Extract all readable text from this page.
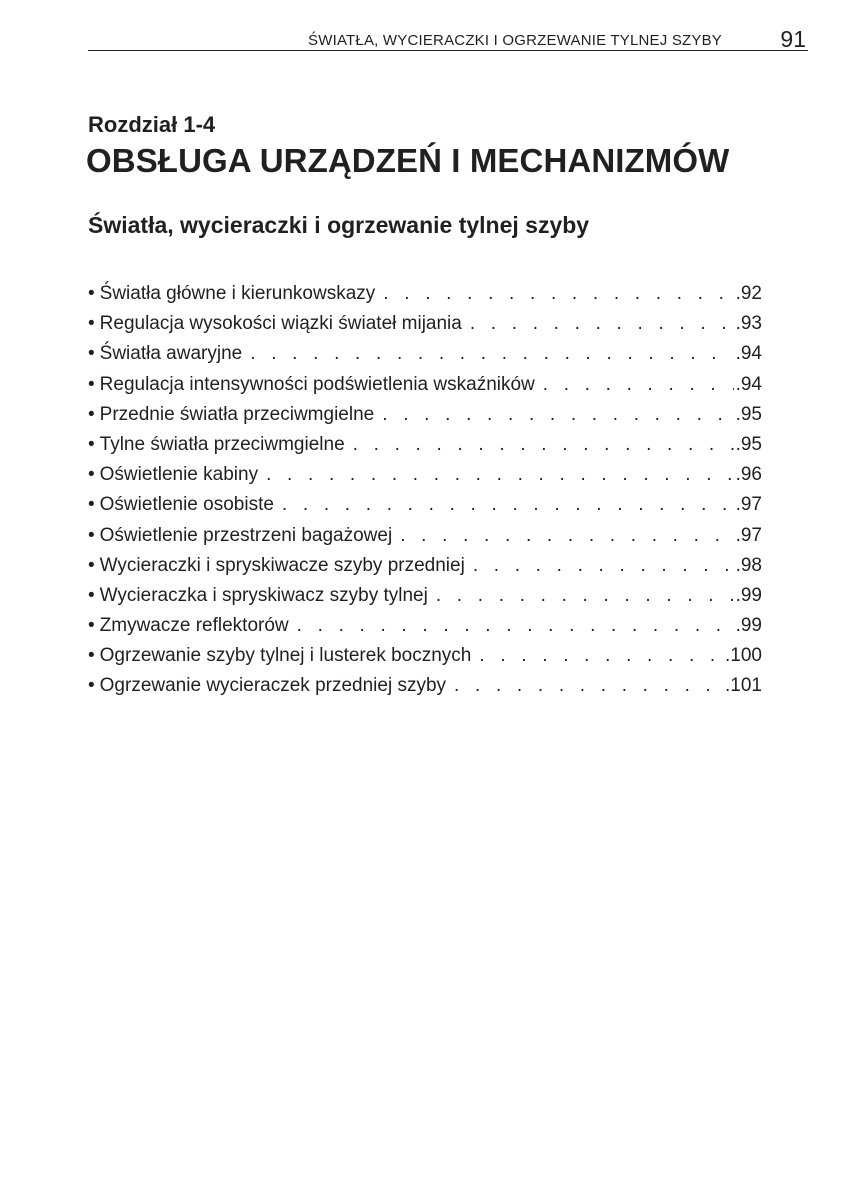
ŚWIATŁA, WYCIERACZKI I OGRZEWANIE TYLNEJ SZYBY	91
Rozdział 1-4
OBSŁUGA URZĄDZEŃ I MECHANIZMÓW
Światła, wycieraczki i ogrzewanie tylnej szyby
• Światła główne i kierunkowskazy . . .	.92
• Regulacja wysokości wiązki świateł mijania . . .	.93
• Światła awaryjne . . .	.94
• Regulacja intensywności podświetlenia wskaźników . . .	.94
• Przednie światła przeciwmgielne . . .	.95
• Tylne światła przeciwmgielne . . .	.95
• Oświetlenie kabiny . . .	.96
• Oświetlenie osobiste . . .	.97
• Oświetlenie przestrzeni bagażowej . . .	.97
• Wycieraczki i spryskiwacze szyby przedniej . . .	.98
• Wycieraczka i spryskiwacz szyby tylnej . . .	.99
• Zmywacze reflektorów . . .	.99
• Ogrzewanie szyby tylnej i lusterek bocznych . . .	.100
• Ogrzewanie wycieraczek przedniej szyby . . .	.101
